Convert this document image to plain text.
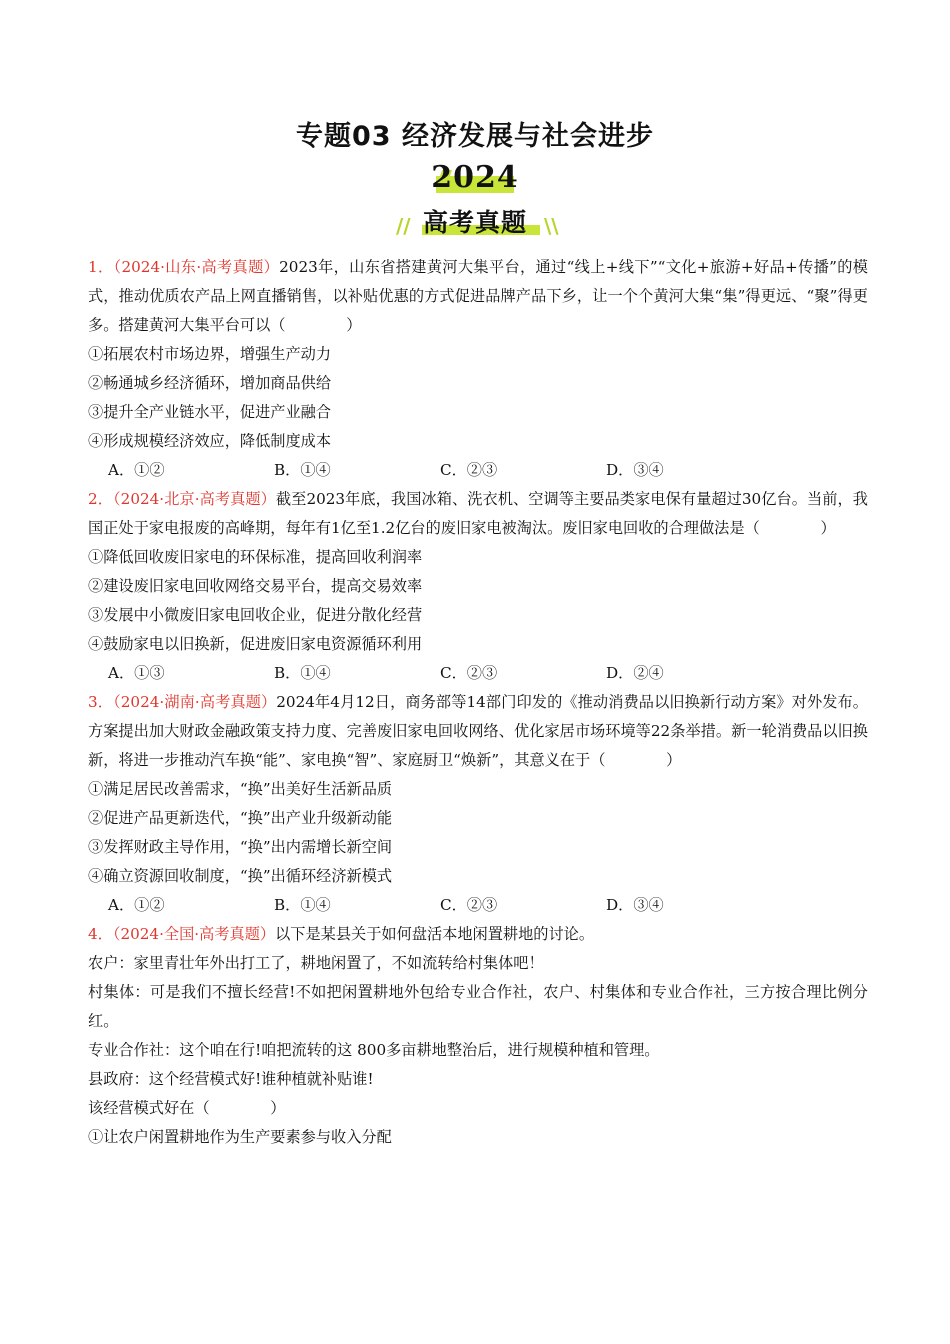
专题03 经济发展与社会进步
2024
//	\\
高考真题

1．（2024·山东·高考真题）2023年，山东省搭建黄河大集平台，通过“线上+线下”“文化+旅游+好品+传播”的模式，推动优质农产品上网直播销售，以补贴优惠的方式促进品牌产品下乡，让一个个黄河大集“集”得更远、“聚”得更多。搭建黄河大集平台可以（　　　　）

①拓展农村市场边界，增强生产动力

②畅通城乡经济循环，增加商品供给

③提升全产业链水平，促进产业融合

④形成规模经济效应，降低制度成本

A．①②	B．①④	C．②③	D．③④

2．（2024·北京·高考真题）截至2023年底，我国冰箱、洗衣机、空调等主要品类家电保有量超过30亿台。当前，我国正处于家电报废的高峰期，每年有1亿至1.2亿台的废旧家电被淘汰。废旧家电回收的合理做法是（　　　　）

①降低回收废旧家电的环保标准，提高回收利润率

②建设废旧家电回收网络交易平台，提高交易效率

③发展中小微废旧家电回收企业，促进分散化经营

④鼓励家电以旧换新，促进废旧家电资源循环利用

A．①③	B．①④	C．②③	D．②④

3．（2024·湖南·高考真题）2024年4月12日，商务部等14部门印发的《推动消费品以旧换新行动方案》对外发布。方案提出加大财政金融政策支持力度、完善废旧家电回收网络、优化家居市场环境等22条举措。新一轮消费品以旧换新，将进一步推动汽车换“能”、家电换“智”、家庭厨卫“焕新”，其意义在于（　　　　）

①满足居民改善需求，“换”出美好生活新品质

②促进产品更新迭代，“换”出产业升级新动能

③发挥财政主导作用，“换”出内需增长新空间

④确立资源回收制度，“换”出循环经济新模式

A．①②	B．①④	C．②③	D．③④

4．（2024·全国·高考真题）以下是某县关于如何盘活本地闲置耕地的讨论。

农户：家里青壮年外出打工了，耕地闲置了，不如流转给村集体吧！

村集体：可是我们不擅长经营!不如把闲置耕地外包给专业合作社，农户、村集体和专业合作社，三方按合理比例分红。

专业合作社：这个咱在行!咱把流转的这 800多亩耕地整治后，进行规模种植和管理。

县政府：这个经营模式好!谁种植就补贴谁!

该经营模式好在（　　　　）

①让农户闲置耕地作为生产要素参与收入分配
